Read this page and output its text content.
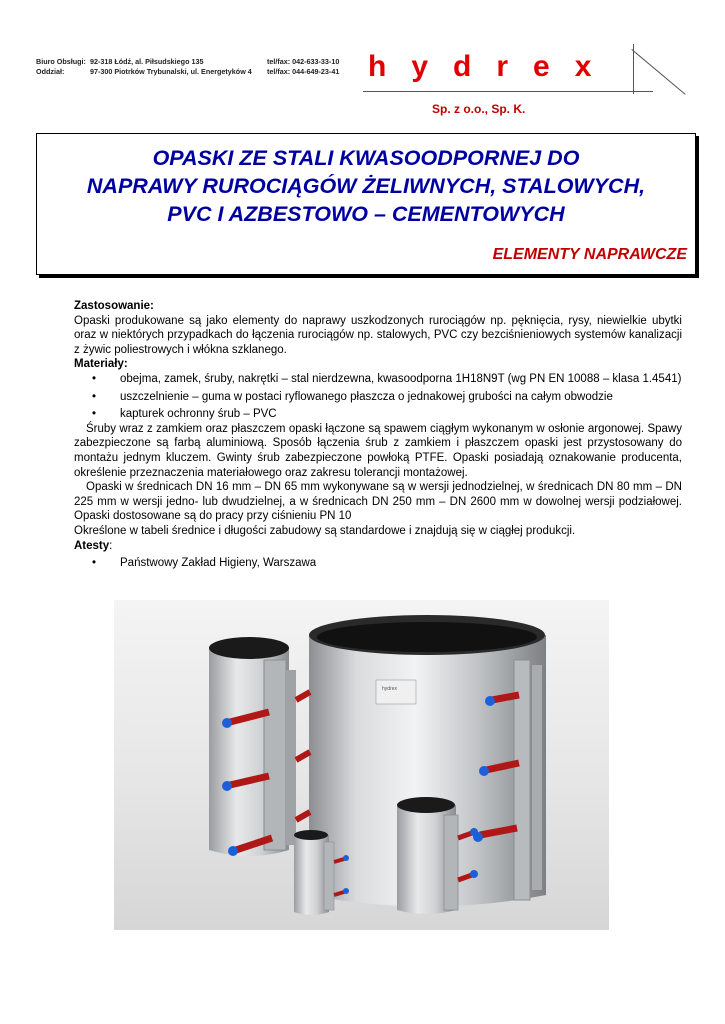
Biuro Obsługi: 92-318 Łódź, al. Piłsudskiego 135	tel/fax: 042-633-33-10
Oddział:	97-300 Piotrków Trybunalski, ul. Energetyków 4 tel/fax: 044-649-23-41 hydrex
Sp. z o.o., Sp. K.
OPASKI ZE STALI KWASOODPORNEJ DO
NAPRAWY RUROCIĄGÓW ŻELIWNYCH, STALOWYCH,
PVC I AZBESTOWO – CEMENTOWYCH
ELEMENTY NAPRAWCZE

Zastosowanie:

Opaski produkowane są jako elementy do naprawy uszkodzonych rurociągów np. pęknięcia, rysy, niewielkie ubytki oraz w niektórych przypadkach do łączenia rurociągów np. stalowych, PVC czy bezciśnieniowych systemów kanalizacji z żywic poliestrowych i włókna szklanego.

Materiały:

• obejma, zamek, śruby, nakrętki – stal nierdzewna, kwasoodporna 1H18N9T (wg PN EN 10088 – klasa 1.4541)
• uszczelnienie – guma w postaci ryflowanego płaszcza o jednakowej grubości na całym obwodzie
• kapturek ochronny śrub – PVC

Śruby wraz z zamkiem oraz płaszczem opaski łączone są spawem ciągłym wykonanym w osłonie argonowej. Spawy zabezpieczone są farbą aluminiową. Sposób łączenia śrub z zamkiem i płaszczem opaski jest przystosowany do montażu jednym kluczem. Gwinty śrub zabezpieczone powłoką PTFE. Opaski posiadają oznakowanie producenta, określenie przeznaczenia materiałowego oraz zakresu tolerancji montażowej.

Opaski w średnicach DN 16 mm – DN 65 mm wykonywane są w wersji jednodzielnej, w średnicach DN 80 mm – DN 225 mm w wersji jedno- lub dwudzielnej, a w średnicach DN 250 mm – DN 2600 mm w dowolnej wersji podziałowej. Opaski dostosowane są do pracy przy ciśnieniu PN 10

Określone w tabeli średnice i długości zabudowy są standardowe i znajdują się w ciągłej produkcji.

Atesty:

• Państwowy Zakład Higieny, Warszawa
hydrex
